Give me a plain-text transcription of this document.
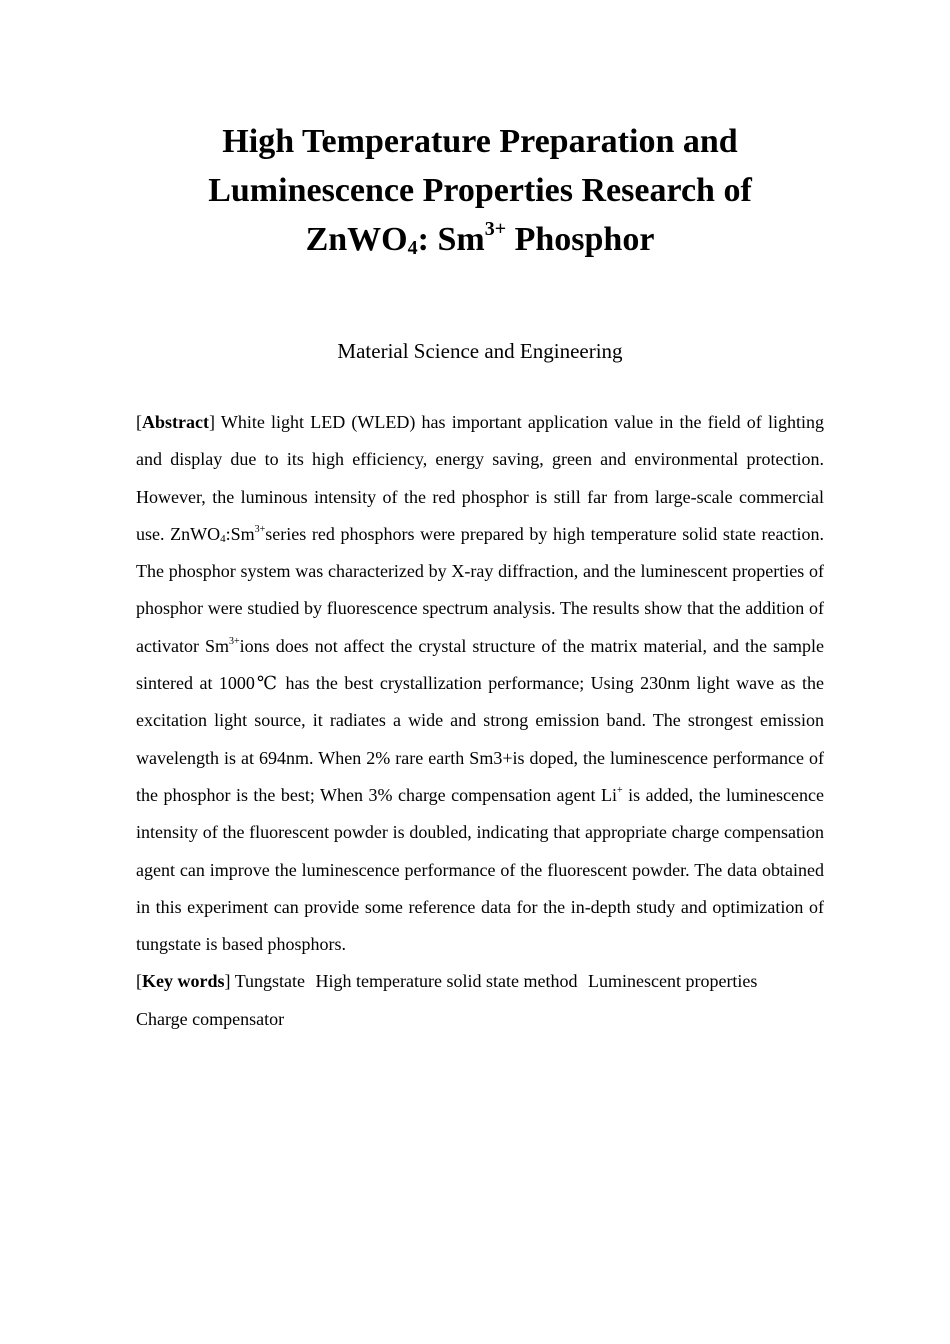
High Temperature Preparation and
Luminescence Properties Research of
ZnWO$_4$: $Sm^{3+}$ Phosphor

Material Science and Engineering

[Abstract] White light LED (WLED) has important application value in the field of lighting and display due to its high efficiency, energy saving, green and environmental protection. However, the luminous intensity of the red phosphor is still far from large-scale commercial use. $ZnWO_4:Sm^{3+}series$ red phosphors were prepared by high temperature solid state reaction. The phosphor system was characterized by X-ray diffraction, and the luminescent properties of phosphor were studied by fluorescence spectrum analysis. The results show that the addition of activator $Sm^{3+}ions$ does not affect the crystal structure of the matrix material, and the sample sintered at 1000℃ has the best crystallization performance; Using 230nm light wave as the excitation light source, it radiates a wide and strong emission band. The strongest emission wavelength is at 694nm. When 2% rare earth Sm3+is doped, the luminescence performance of the phosphor is the best; When 3% charge compensation agent Li+ is added, the luminescence intensity of the fluorescent powder is doubled, indicating that appropriate charge compensation agent can improve the luminescence performance of the fluorescent powder. The data obtained in this experiment can provide some reference data for the in-depth study and optimization of tungstate is based phosphors.

[Key words] Tungstate High temperature solid state method Luminescent properties
Charge compensator
